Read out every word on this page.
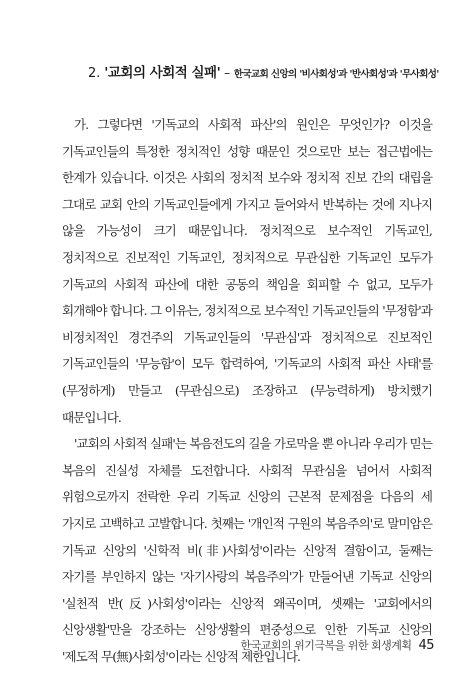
2. '교회의 사회적 실패' – 한국교회 신앙의 '비사회성'과 '반사회성'과 '무사회성'

가. 그렇다면 '기독교의 사회적 파산'의 원인은 무엇인가? 이것을 기독교인들의 특정한 정치적인 성향 때문인 것으로만 보는 접근법에는 한계가 있습니다. 이것은 사회의 정치적 보수와 정치적 진보 간의 대립을 그대로 교회 안의 기독교인들에게 가지고 들어와서 반복하는 것에 지나지 않을 가능성이 크기 때문입니다. 정치적으로 보수적인 기독교인, 정치적으로 진보적인 기독교인, 정치적으로 무관심한 기독교인 모두가 기독교의 사회적 파산에 대한 공동의 책임을 회피할 수 없고, 모두가 회개해야 합니다. 그 이유는, 정치적으로 보수적인 기독교인들의 '무정함'과 비정치적인 경건주의 기독교인들의 '무관심'과 정치적으로 진보적인 기독교인들의 '무능함'이 모두 합력하여, '기독교의 사회적 파산 사태'를 (무정하게) 만들고 (무관심으로) 조장하고 (무능력하게) 방치했기 때문입니다.

'교회의 사회적 실패'는 복음전도의 길을 가로막을 뿐 아니라 우리가 믿는 복음의 진실성 자체를 도전합니다. 사회적 무관심을 넘어서 사회적 위험으로까지 전락한 우리 기독교 신앙의 근본적 문제점을 다음의 세 가지로 고백하고 고발합니다. 첫째는 '개인적 구원의 복음주의'로 말미암은 기독교 신앙의 '신학적 비(非)사회성'이라는 신앙적 결함이고, 둘째는 자기를 부인하지 않는 '자기사랑의 복음주의'가 만들어낸 기독교 신앙의 '실천적 반(反)사회성'이라는 신앙적 왜곡이며, 셋째는 '교회에서의 신앙생활'만을 강조하는 신앙생활의 편중성으로 인한 기독교 신앙의 '제도적 무(無)사회성'이라는 신앙적 제한입니다.

한국교회의 위기극복을 위한 회생계획 45
